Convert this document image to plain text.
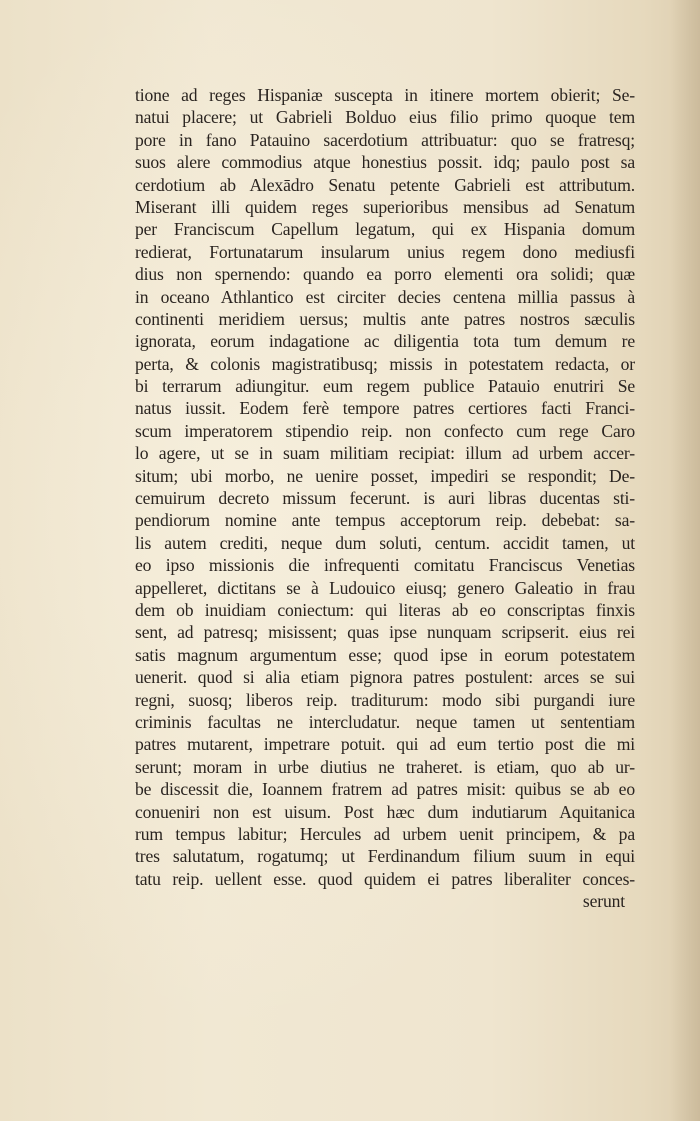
tione ad reges Hispaniæ suscepta in itinere mortem obierit; Se-
natui placere; ut Gabrieli Bolduo eius filio primo quoque tem
pore in fano Patauino sacerdotium attribuatur: quo se fratresq;
suos alere commodius atque honestius possit. idq; paulo post sa
cerdotium ab Alexādro Senatu petente Gabrieli est attributum.
Miserant illi quidem reges superioribus mensibus ad Senatum
per Franciscum Capellum legatum, qui ex Hispania domum
redierat, Fortunatarum insularum unius regem dono mediusfi
dius non spernendo: quando ea porro elementi ora solidi; quæ
in oceano Athlantico est circiter decies centena millia passus à
continenti meridiem uersus; multis ante patres nostros sæculis
ignorata, eorum indagatione ac diligentia tota tum demum re
perta, & colonis magistratibusq; missis in potestatem redacta, or
bi terrarum adiungitur. eum regem publice Patauio enutriri Se
natus iussit. Eodem ferè tempore patres certiores facti Franci-
scum imperatorem stipendio reip. non confecto cum rege Caro
lo agere, ut se in suam militiam recipiat: illum ad urbem accer-
situm; ubi morbo, ne uenire posset, impediri se respondit; De-
cemuirum decreto missum fecerunt. is auri libras ducentas sti-
pendiorum nomine ante tempus acceptorum reip. debebat: sa-
lis autem crediti, neque dum soluti, centum. accidit tamen, ut
eo ipso missionis die infrequenti comitatu Franciscus Venetias
appelleret, dictitans se à Ludouico eiusq; genero Galeatio in frau
dem ob inuidiam coniectum: qui literas ab eo conscriptas finxis
sent, ad patresq; misissent; quas ipse nunquam scripserit. eius rei
satis magnum argumentum esse; quod ipse in eorum potestatem
uenerit. quod si alia etiam pignora patres postulent: arces se sui
regni, suosq; liberos reip. traditurum: modo sibi purgandi iure
criminis facultas ne intercludatur. neque tamen ut sententiam
patres mutarent, impetrare potuit. qui ad eum tertio post die mi
serunt; moram in urbe diutius ne traheret. is etiam, quo ab ur-
be discessit die, Ioannem fratrem ad patres misit: quibus se ab eo
conueniri non est uisum. Post hæc dum indutiarum Aquitanica
rum tempus labitur; Hercules ad urbem uenit principem, & pa
tres salutatum, rogatumq; ut Ferdinandum filium suum in equi
tatu reip. uellent esse. quod quidem ei patres liberaliter conces-
serunt
